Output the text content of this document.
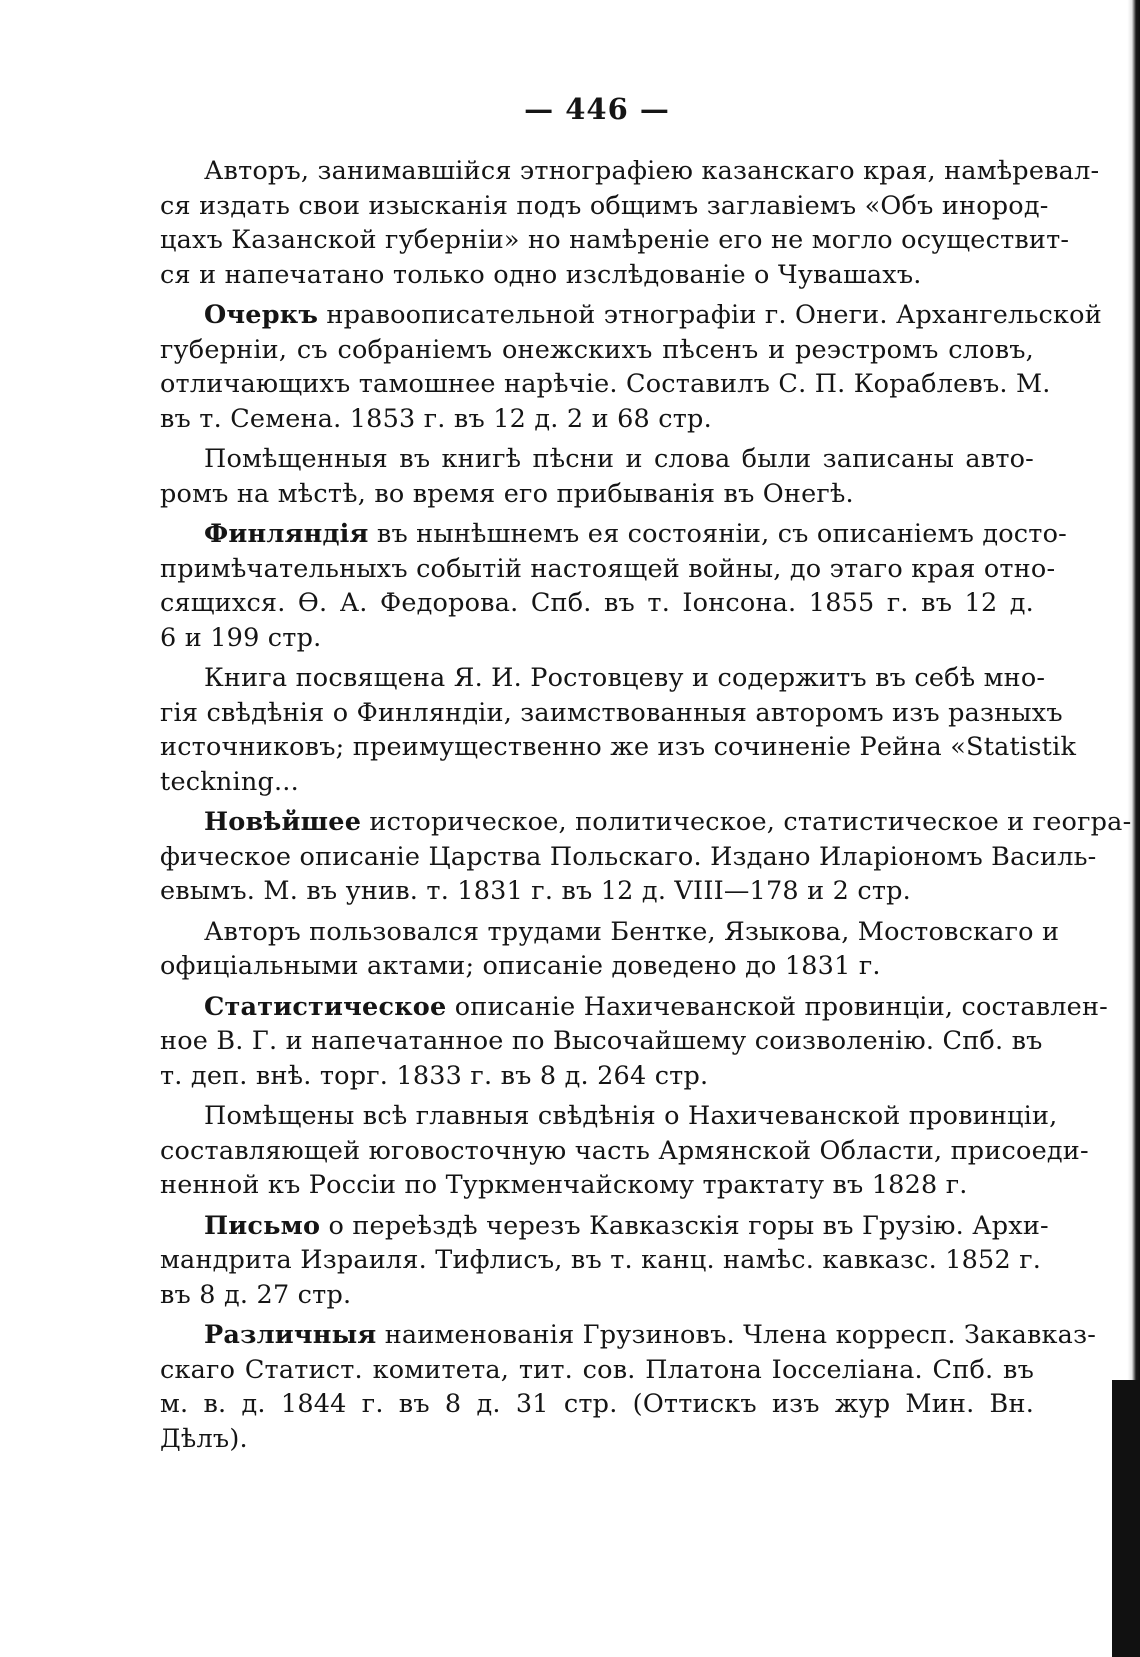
— 446 —
Авторъ, занимавшійся этнографіею казанскаго края, намѣревал-
ся издать свои изысканія подъ общимъ заглавіемъ «Объ инород-
цахъ Казанской губерніи» но намѣреніе его не могло осуществит-
ся и напечатано только одно изслѣдованіе о Чувашахъ.
Очеркъ нравоописательной этнографіи г. Онеги. Архангельской
губерніи, съ собраніемъ онежскихъ пѣсенъ и реэстромъ словъ,
отличающихъ тамошнее нарѣчіе. Составилъ С. П. Кораблевъ. М.
въ т. Семена. 1853 г. въ 12 д. 2 и 68 стр.
Помѣщенныя въ книгѣ пѣсни и слова были записаны авто-
ромъ на мѣстѣ, во время его прибыванія въ Онегѣ.
Финляндія въ нынѣшнемъ ея состояніи, съ описаніемъ досто-
примѣчательныхъ событій настоящей войны, до этаго края отно-
сящихся. Ѳ. А. Федорова. Спб. въ т. Іонсона. 1855 г. въ 12 д.
6 и 199 стр.
Книга посвящена Я. И. Ростовцеву и содержитъ въ себѣ мно-
гія свѣдѣнія о Финляндіи, заимствованныя авторомъ изъ разныхъ
источниковъ; преимущественно же изъ сочиненіе Рейна «Statistik
teckning...
Новѣйшее историческое, политическое, статистическое и геогра-
фическое описаніе Царства Польскаго. Издано Иларіономъ Василь-
евымъ. М. въ унив. т. 1831 г. въ 12 д. VIII—178 и 2 стр.
Авторъ пользовался трудами Бентке, Языкова, Мостовскаго и
офиціальными актами; описаніе доведено до 1831 г.
Статистическое описаніе Нахичеванской провинціи, составлен-
ное В. Г. и напечатанное по Высочайшему соизволенію. Спб. въ
т. деп. внѣ. торг. 1833 г. въ 8 д. 264 стр.
Помѣщены всѣ главныя свѣдѣнія о Нахичеванской провинціи,
составляющей юговосточную часть Армянской Области, присоеди-
ненной къ Россіи по Туркменчайскому трактату въ 1828 г.
Письмо о переѣздѣ черезъ Кавказскія горы въ Грузію. Архи-
мандрита Израиля. Тифлисъ, въ т. канц. намѣс. кавказс. 1852 г.
въ 8 д. 27 стр.
Различныя наименованія Грузиновъ. Члена корресп. Закавказ-
скаго Статист. комитета, тит. сов. Платона Іосселіана. Спб. въ
м. в. д. 1844 г. въ 8 д. 31 стр. (Оттискъ изъ жур Мин. Вн.
Дѣлъ).
